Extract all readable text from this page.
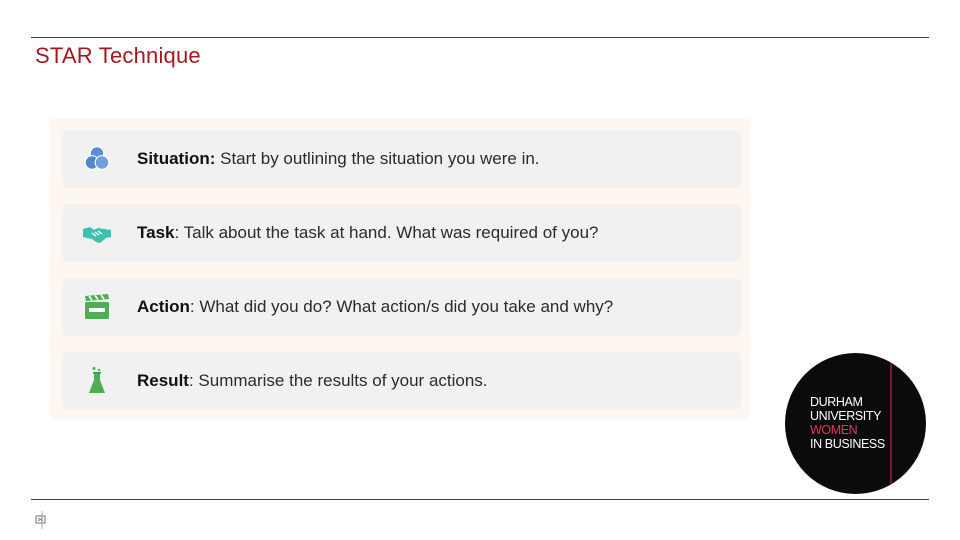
STAR Technique
Situation: Start by outlining the situation you were in.
Task: Talk about the task at hand. What was required of you?
Action: What did you do? What action/s did you take and why?
Result: Summarise the results of your actions.
DURHAM
UNIVERSITY
WOMEN
IN BUSINESS
